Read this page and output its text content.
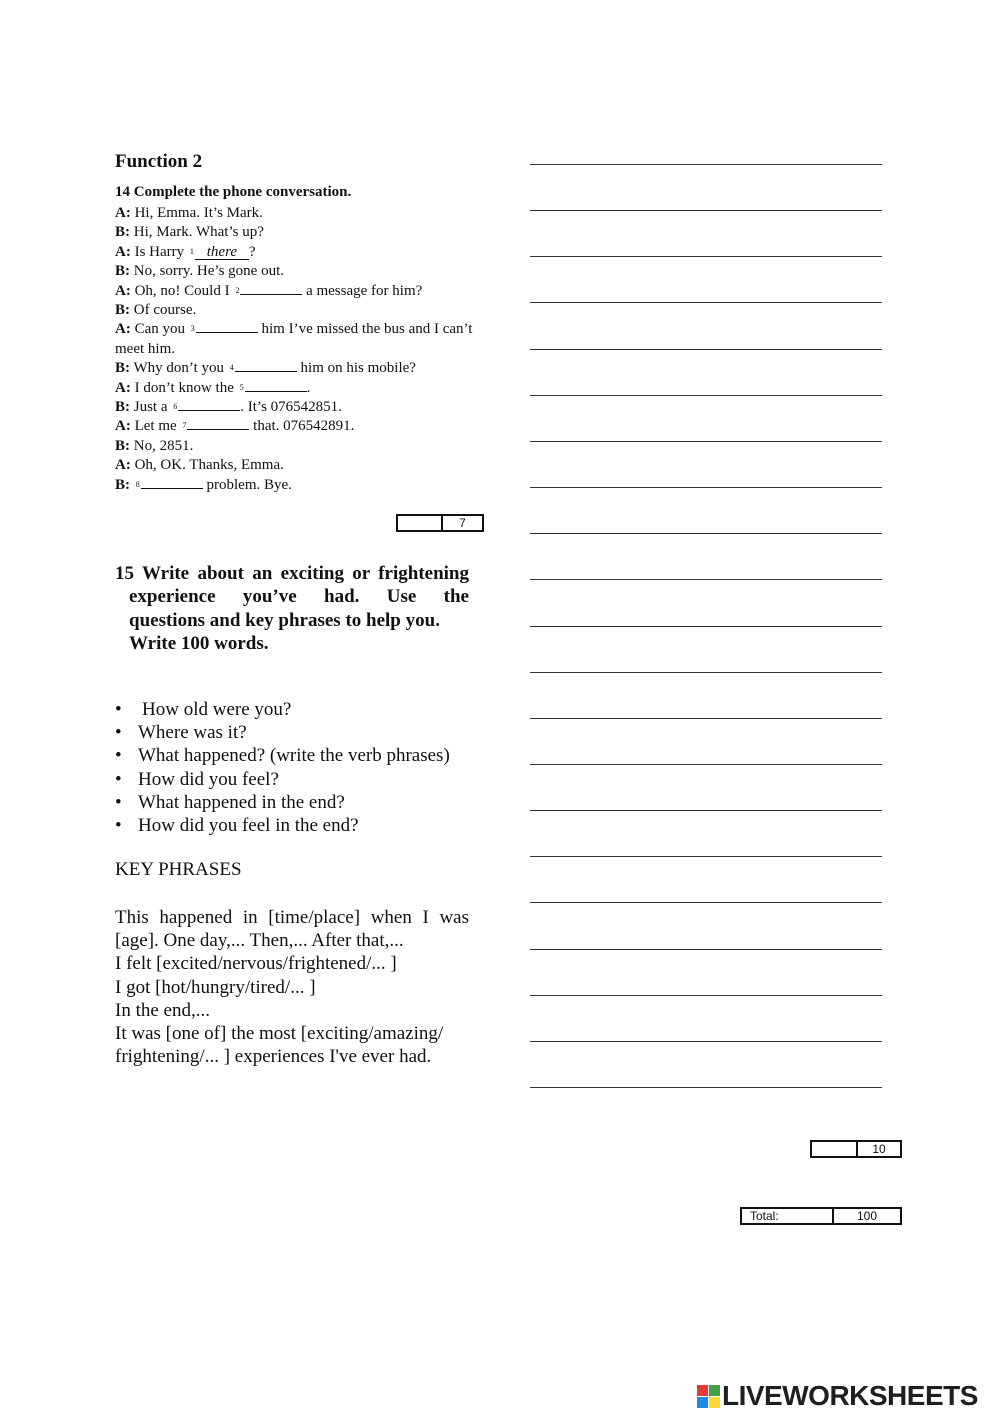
Function 2
14 Complete the phone conversation.
A: Hi, Emma. It’s Mark.
B: Hi, Mark. What’s up?
A: Is Harry $^1$ there ?
B: No, sorry. He’s gone out.
A: Oh, no! Could I $^2$	a message for him?
B: Of course.
A: Can you $^3$	him I’ve missed the bus and I can’t meet him.
B: Why don’t you $^4$	him on his mobile?
A: I don’t know the $^5$	.
B: Just a $^6$	. It’s 076542851.
A: Let me $^7$	that. 076542891.
B: No, 2851.
A: Oh, OK. Thanks, Emma.
B: $^8$	problem. Bye.
7
15 Write about an exciting or frightening
experience you’ve had. Use the
questions and key phrases to help you.
Write 100 words.
• How old were you?
• Where was it?
• What happened? (write the verb phrases)
• How did you feel?
• What happened in the end?
• How did you feel in the end?
KEY PHRASES
This happened in [time/place] when I was
[age]. One day,... Then,... After that,...
I felt [excited/nervous/frightened/... ]
I got [hot/hungry/tired/... ]
In the end,...
It was [one of] the most [exciting/amazing/
frightening/... ] experiences I've ever had.
10
Total:	100
LIVEWORKSHEETS
